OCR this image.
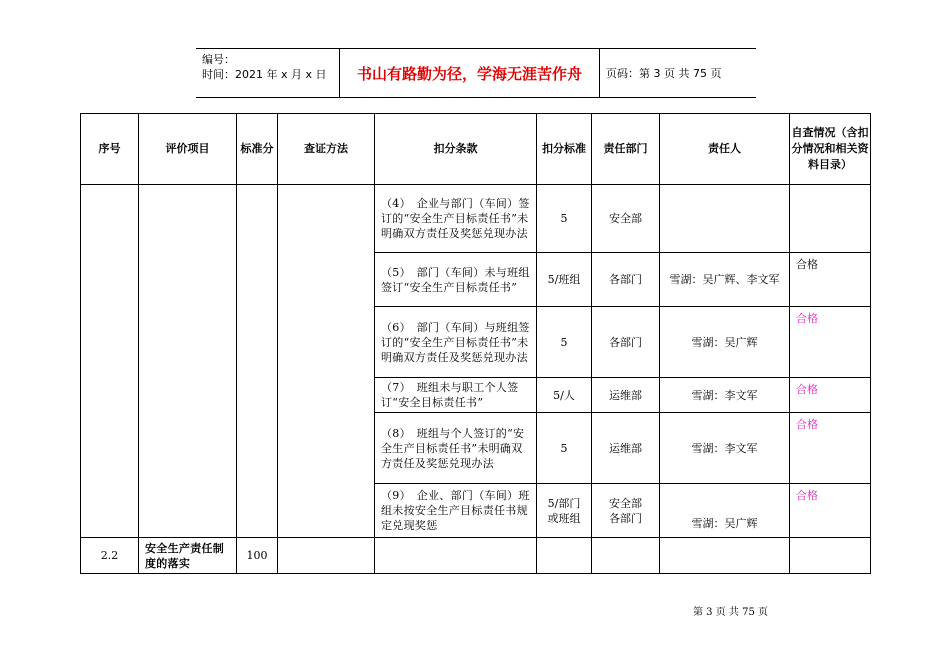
编号：
时间：2021 年 x 月 x 日	书山有路勤为径，学海无涯苦作舟	页码：第 3 页 共 75 页
序号	评价项目	标准分	查证方法	扣分条款	扣分标准	责任部门	责任人	自查情况（含扣分情况和相关资料目录）
				（4）　企业与部门（车间）签订的“安全生产目标责任书”未明确双方责任及奖惩兑现办法	5	安全部		
				（5）　部门（车间）未与班组签订“安全生产目标责任书”	5/班组	各部门	雪湖：吴广辉、李文军	合格
				（6）　部门（车间）与班组签订的“安全生产目标责任书”未明确双方责任及奖惩兑现办法	5	各部门	雪湖：吴广辉	合格
				（7）　班组未与职工个人签订“安全目标责任书”	5/人	运维部	雪湖：李文军	合格
				（8）　班组与个人签订的“安全生产目标责任书”未明确双方责任及奖惩兑现办法	5	运维部	雪湖：李文军	合格
				（9）　企业、部门（车间）班组未按安全生产目标责任书规定兑现奖惩	5/部门或班组	安全部 各部门	雪湖：吴广辉	合格
2.2	安全生产责任制度的落实	100						
第 3 页 共 75 页
